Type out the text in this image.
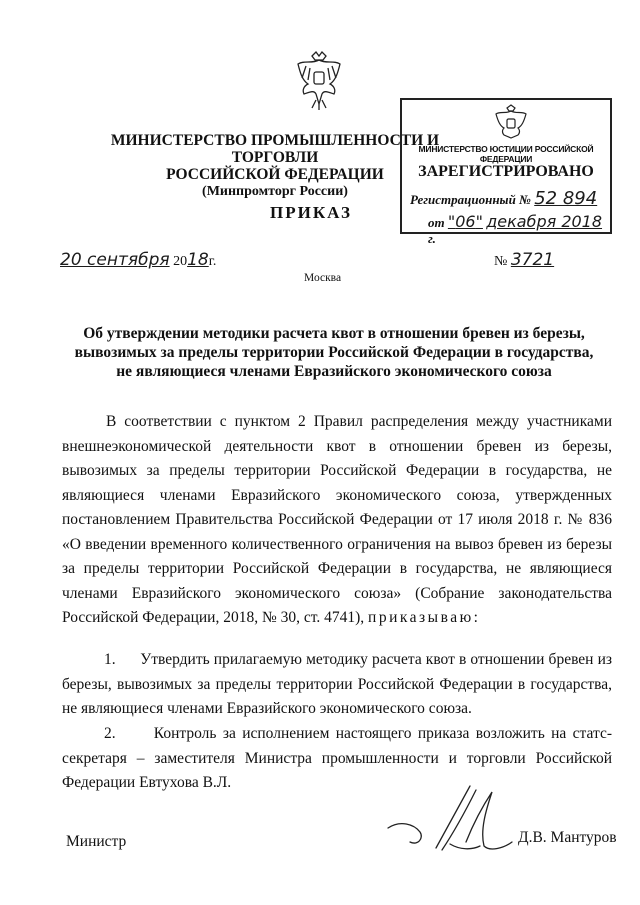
МИНИСТЕРСТВО ПРОМЫШЛЕННОСТИ И ТОРГОВЛИ
РОССИЙСКОЙ ФЕДЕРАЦИИ
(Минпромторг России)
ПРИКАЗ
МИНИСТЕРСТВО ЮСТИЦИИ РОССИЙСКОЙ ФЕДЕРАЦИИ
ЗАРЕГИСТРИРОВАНО
Регистрационный № 52 894
от "06" декабря 2018 г.
20 сентября 2018г.	№ 3721
Москва
Об утверждении методики расчета квот в отношении бревен из березы,
вывозимых за пределы территории Российской Федерации в государства,
не являющиеся членами Евразийского экономического союза
В соответствии с пунктом 2 Правил распределения между участниками внешнеэкономической деятельности квот в отношении бревен из березы, вывозимых за пределы территории Российской Федерации в государства, не являющиеся членами Евразийского экономического союза, утвержденных постановлением Правительства Российской Федерации от 17 июля 2018 г. № 836 «О введении временного количественного ограничения на вывоз бревен из березы за пределы территории Российской Федерации в государства, не являющиеся членами Евразийского экономического союза» (Собрание законодательства Российской Федерации, 2018, № 30, ст. 4741), приказываю:
1.      Утвердить прилагаемую методику расчета квот в отношении бревен из березы, вывозимых за пределы территории Российской Федерации в государства, не являющиеся членами Евразийского экономического союза.
2.      Контроль за исполнением настоящего приказа возложить на статс-секретаря – заместителя Министра промышленности и торговли Российской Федерации Евтухова В.Л.
Министр	Д.В. Мантуров
